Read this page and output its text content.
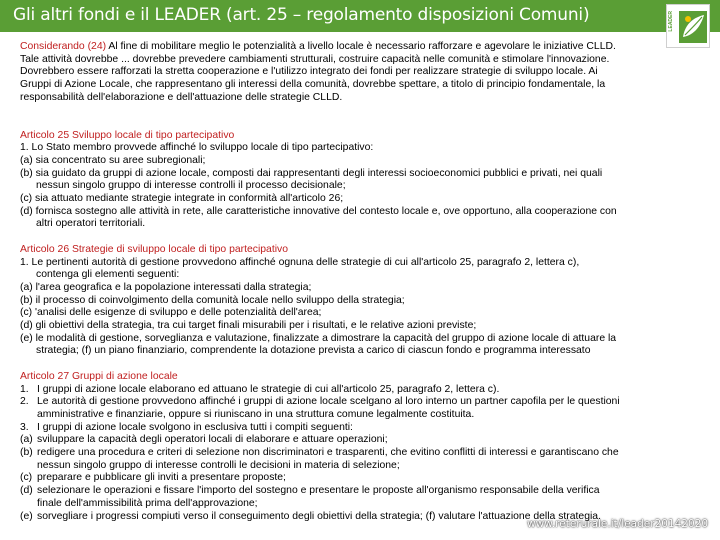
Gli altri fondi e il LEADER (art. 25 – regolamento disposizioni Comuni)	LEADER
Considerando (24) Al fine di mobilitare meglio le potenzialità a livello locale è necessario rafforzare e agevolare le iniziative CLLD.
Tale attività dovrebbe ... dovrebbe prevedere cambiamenti strutturali, costruire capacità nelle comunità e stimolare l'innovazione.
Dovrebbero essere rafforzati la stretta cooperazione e l'utilizzo integrato dei fondi per realizzare strategie di sviluppo locale. Ai
Gruppi di Azione Locale, che rappresentano gli interessi della comunità, dovrebbe spettare, a titolo di principio fondamentale, la
responsabilità dell'elaborazione e dell'attuazione delle strategie CLLD.
Articolo 25 Sviluppo locale di tipo partecipativo
1. Lo Stato membro provvede affinché lo sviluppo locale di tipo partecipativo:
(a) sia concentrato su aree subregionali;
(b) sia guidato da gruppi di azione locale, composti dai rappresentanti degli interessi socioeconomici pubblici e privati, nei quali
nessun singolo gruppo di interesse controlli il processo decisionale;
(c) sia attuato mediante strategie integrate in conformità all'articolo 26;
(d) fornisca sostegno alle attività in rete, alle caratteristiche innovative del contesto locale e, ove opportuno, alla cooperazione con
altri operatori territoriali.
Articolo 26 Strategie di sviluppo locale di tipo partecipativo
1. Le pertinenti autorità di gestione provvedono affinché ognuna delle strategie di cui all'articolo 25, paragrafo 2, lettera c),
contenga gli elementi seguenti:
(a) l'area geografica e la popolazione interessati dalla strategia;
(b) il processo di coinvolgimento della comunità locale nello sviluppo della strategia;
(c) 'analisi delle esigenze di sviluppo e delle potenzialità dell'area;
(d) gli obiettivi della strategia, tra cui target finali misurabili per i risultati, e le relative azioni previste;
(e) le modalità di gestione, sorveglianza e valutazione, finalizzate a dimostrare la capacità del gruppo di azione locale di attuare la
strategia; (f) un piano finanziario, comprendente la dotazione prevista a carico di ciascun fondo e programma interessato
Articolo 27 Gruppi di azione locale
1. I gruppi di azione locale elaborano ed attuano le strategie di cui all'articolo 25, paragrafo 2, lettera c).
2. Le autorità di gestione provvedono affinché i gruppi di azione locale scelgano al loro interno un partner capofila per le questioni
amministrative e finanziarie, oppure si riuniscano in una struttura comune legalmente costituita.
3. I gruppi di azione locale svolgono in esclusiva tutti i compiti seguenti:
(a) sviluppare la capacità degli operatori locali di elaborare e attuare operazioni;
(b) redigere una procedura e criteri di selezione non discriminatori e trasparenti, che evitino conflitti di interessi e garantiscano che
nessun singolo gruppo di interesse controlli le decisioni in materia di selezione;
(c) preparare e pubblicare gli inviti a presentare proposte;
(d) selezionare le operazioni e fissare l'importo del sostegno e presentare le proposte all'organismo responsabile della verifica
finale dell'ammissibilità prima dell'approvazione;
(e) sorvegliare i progressi compiuti verso il conseguimento degli obiettivi della strategia; (f) valutare l'attuazione della strategia.
www.reterurale.it/leader20142020
